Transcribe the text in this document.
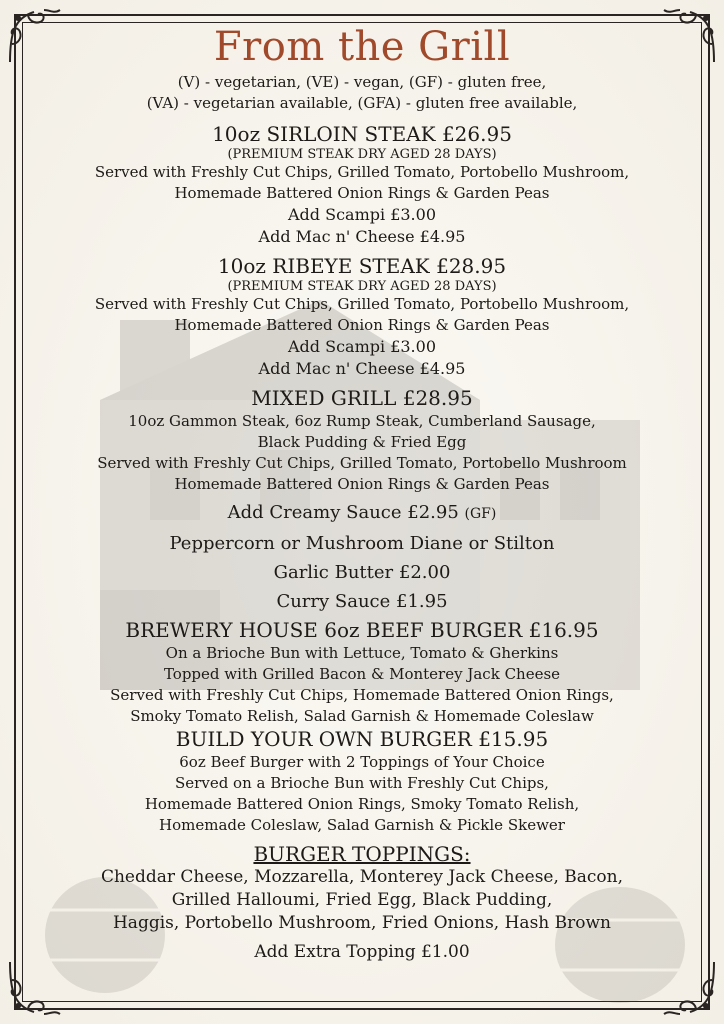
From the Grill
(V) - vegetarian, (VE) - vegan, (GF) - gluten free,
(VA) - vegetarian available, (GFA) - gluten free available,
10oz SIRLOIN STEAK £26.95
(PREMIUM STEAK DRY AGED 28 DAYS)
Served with Freshly Cut Chips, Grilled Tomato, Portobello Mushroom,
Homemade Battered Onion Rings & Garden Peas
Add Scampi £3.00
Add Mac n' Cheese £4.95
10oz RIBEYE STEAK £28.95
(PREMIUM STEAK DRY AGED 28 DAYS)
Served with Freshly Cut Chips, Grilled Tomato, Portobello Mushroom,
Homemade Battered Onion Rings & Garden Peas
Add Scampi £3.00
Add Mac n' Cheese £4.95
MIXED GRILL £28.95
10oz Gammon Steak, 6oz Rump Steak, Cumberland Sausage,
Black Pudding & Fried Egg
Served with Freshly Cut Chips, Grilled Tomato, Portobello Mushroom
Homemade Battered Onion Rings & Garden Peas
Add Creamy Sauce £2.95 (GF)
Peppercorn or Mushroom Diane or Stilton
Garlic Butter £2.00
Curry Sauce £1.95
BREWERY HOUSE 6oz BEEF BURGER £16.95
On a Brioche Bun with Lettuce, Tomato & Gherkins
Topped with Grilled Bacon & Monterey Jack Cheese
Served with Freshly Cut Chips, Homemade Battered Onion Rings,
Smoky Tomato Relish, Salad Garnish & Homemade Coleslaw
BUILD YOUR OWN BURGER £15.95
6oz Beef Burger with 2 Toppings of Your Choice
Served on a Brioche Bun with Freshly Cut Chips,
Homemade Battered Onion Rings, Smoky Tomato Relish,
Homemade Coleslaw, Salad Garnish & Pickle Skewer
BURGER TOPPINGS:
Cheddar Cheese, Mozzarella, Monterey Jack Cheese, Bacon,
Grilled Halloumi, Fried Egg, Black Pudding,
Haggis, Portobello Mushroom, Fried Onions, Hash Brown
Add Extra Topping £1.00
